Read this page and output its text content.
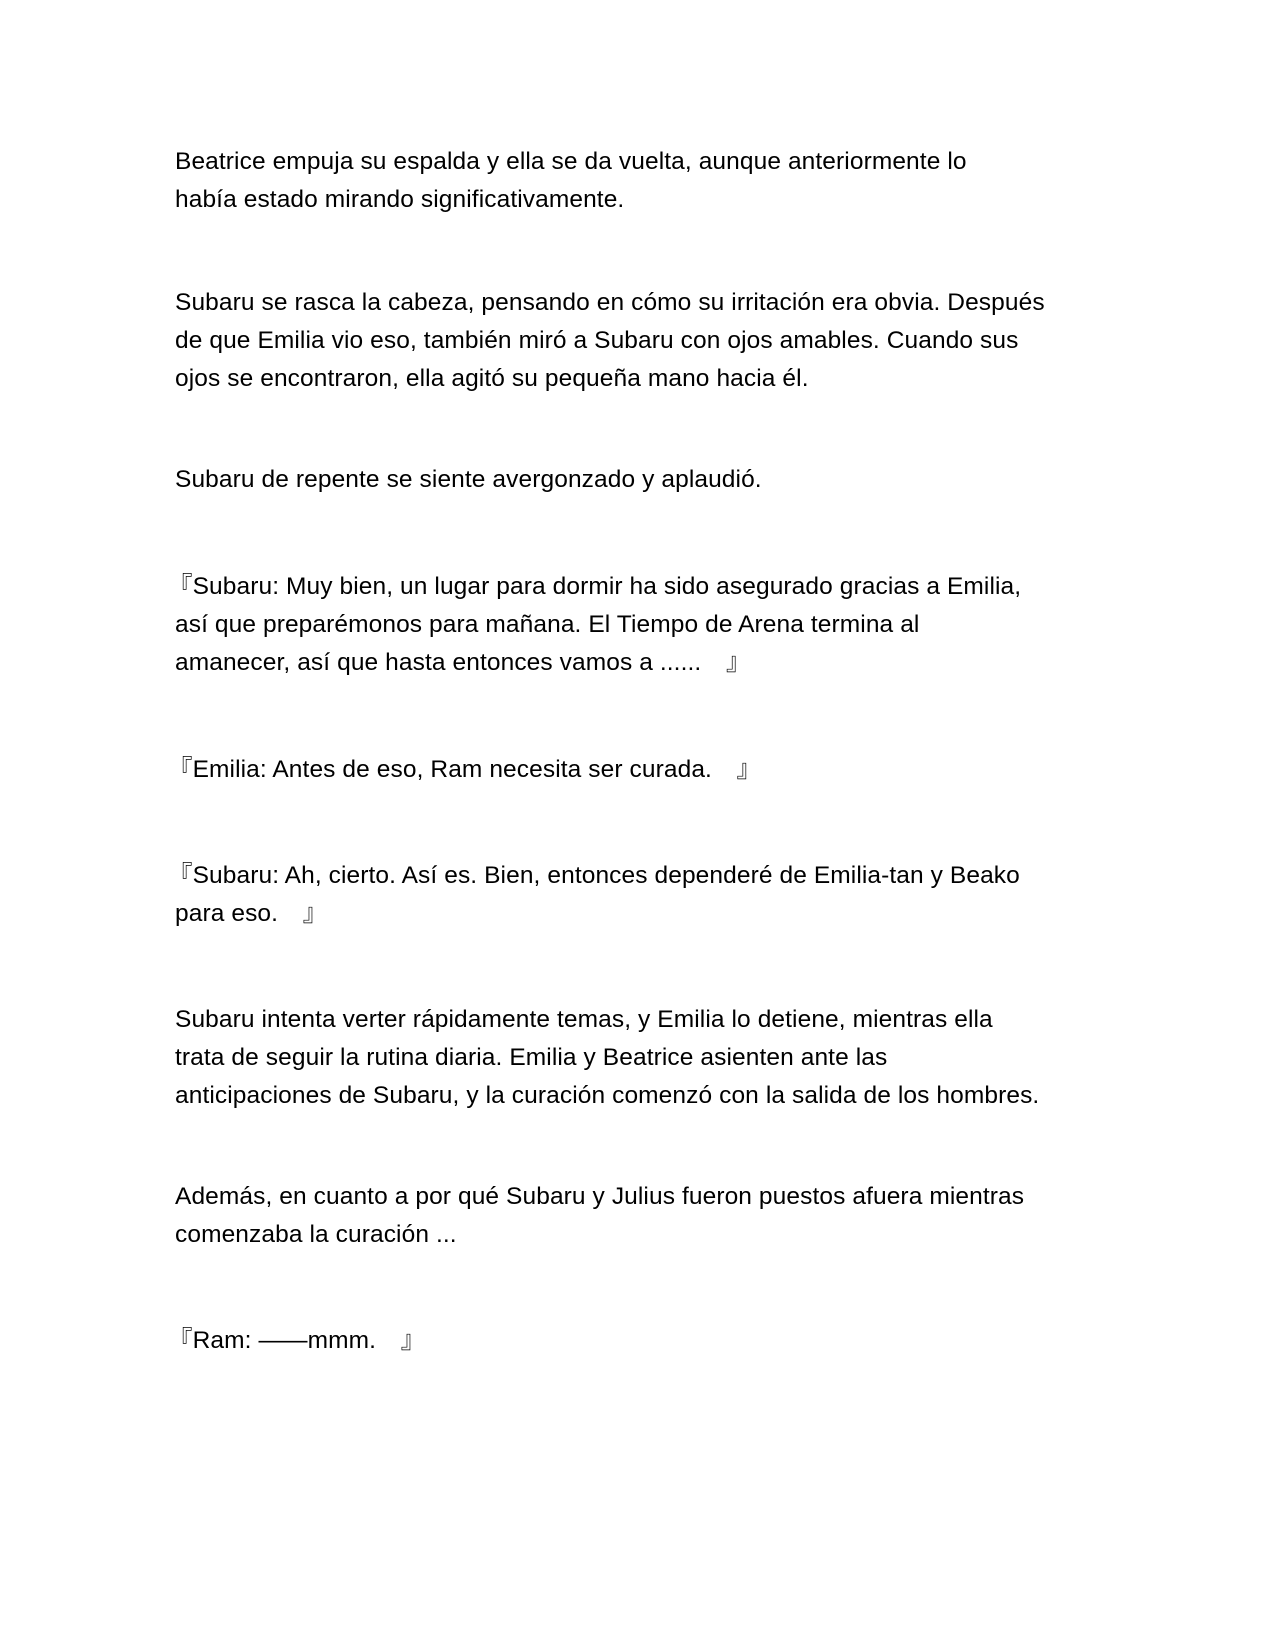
Beatrice empuja su espalda y ella se da vuelta, aunque anteriormente lo
había estado mirando significativamente.

Subaru se rasca la cabeza, pensando en cómo su irritación era obvia. Después
de que Emilia vio eso, también miró a Subaru con ojos amables. Cuando sus
ojos se encontraron, ella agitó su pequeña mano hacia él.

Subaru de repente se siente avergonzado y aplaudió.

『Subaru: Muy bien, un lugar para dormir ha sido asegurado gracias a Emilia,
así que preparémonos para mañana. El Tiempo de Arena termina al
amanecer, así que hasta entonces vamos a ......　』

『Emilia: Antes de eso, Ram necesita ser curada.　』

『Subaru: Ah, cierto. Así es. Bien, entonces dependeré de Emilia-tan y Beako
para eso.　』

Subaru intenta verter rápidamente temas, y Emilia lo detiene, mientras ella
trata de seguir la rutina diaria. Emilia y Beatrice asienten ante las
anticipaciones de Subaru, y la curación comenzó con la salida de los hombres.

Además, en cuanto a por qué Subaru y Julius fueron puestos afuera mientras
comenzaba la curación ...

『Ram: ——mmm.　』
